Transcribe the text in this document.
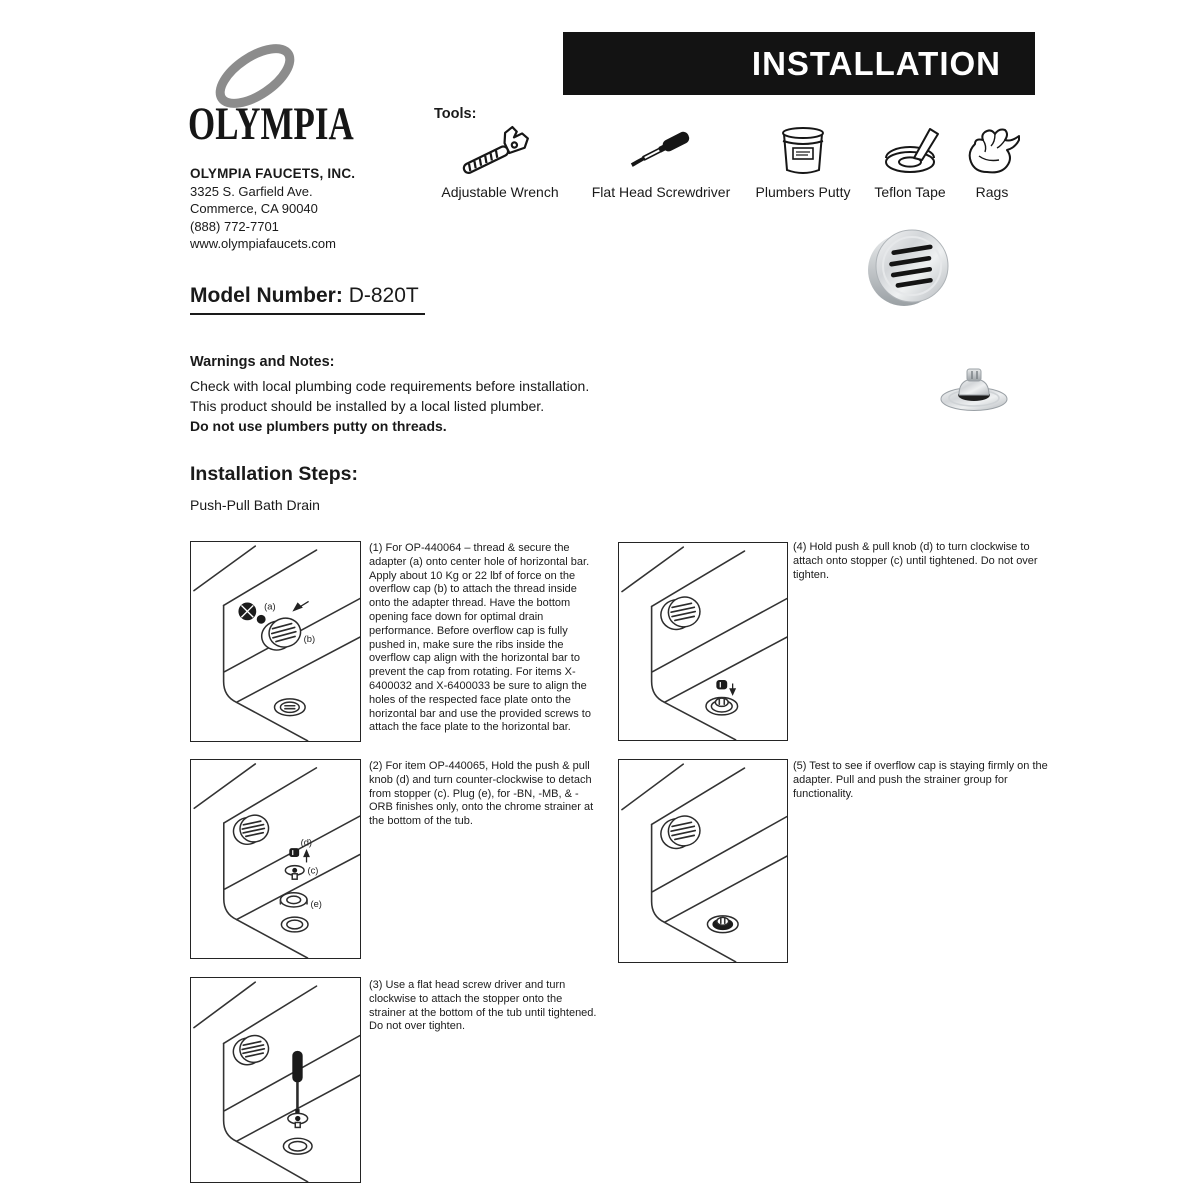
OLYMPIA
OLYMPIA FAUCETS, INC.
3325 S. Garfield Ave.
Commerce, CA 90040
(888) 772-7701
www.olympiafaucets.com
INSTALLATION
Tools:
Adjustable Wrench	Flat Head Screwdriver	Plumbers Putty	Teflon Tape	Rags
Model Number: D-820T
Warnings and Notes:
Check with local plumbing code requirements before installation.
This product should be installed by a local listed plumber.
Do not use plumbers putty on threads.
Installation Steps:
Push-Pull Bath Drain
(a)
(b)
(1) For OP-440064 – thread & secure the adapter (a) onto center hole of horizontal bar. Apply about 10 Kg or 22 lbf of force on the overflow cap (b) to attach the thread inside onto the adapter thread. Have the bottom opening face down for optimal drain performance. Before overflow cap is fully pushed in, make sure the ribs inside the overflow cap align with the horizontal bar to prevent the cap from rotating. For items X-6400032 and X-6400033 be sure to align the holes of the respected face plate onto the horizontal bar and use the provided screws to attach the face plate to the horizontal bar.
(d)
(c)
(e)
(2) For item OP-440065, Hold the push & pull knob (d) and turn counter-clockwise to detach from stopper (c). Plug (e), for -BN, -MB, & -ORB finishes only, onto the chrome strainer at the bottom of the tub.
(3) Use a flat head screw driver and turn clockwise to attach the stopper onto the strainer at the bottom of the tub until tightened. Do not over tighten.
(4) Hold push & pull knob (d) to turn clockwise to attach onto stopper (c) until tightened. Do not over tighten.
(5) Test to see if overflow cap is staying firmly on the adapter. Pull and push the strainer group for functionality.
